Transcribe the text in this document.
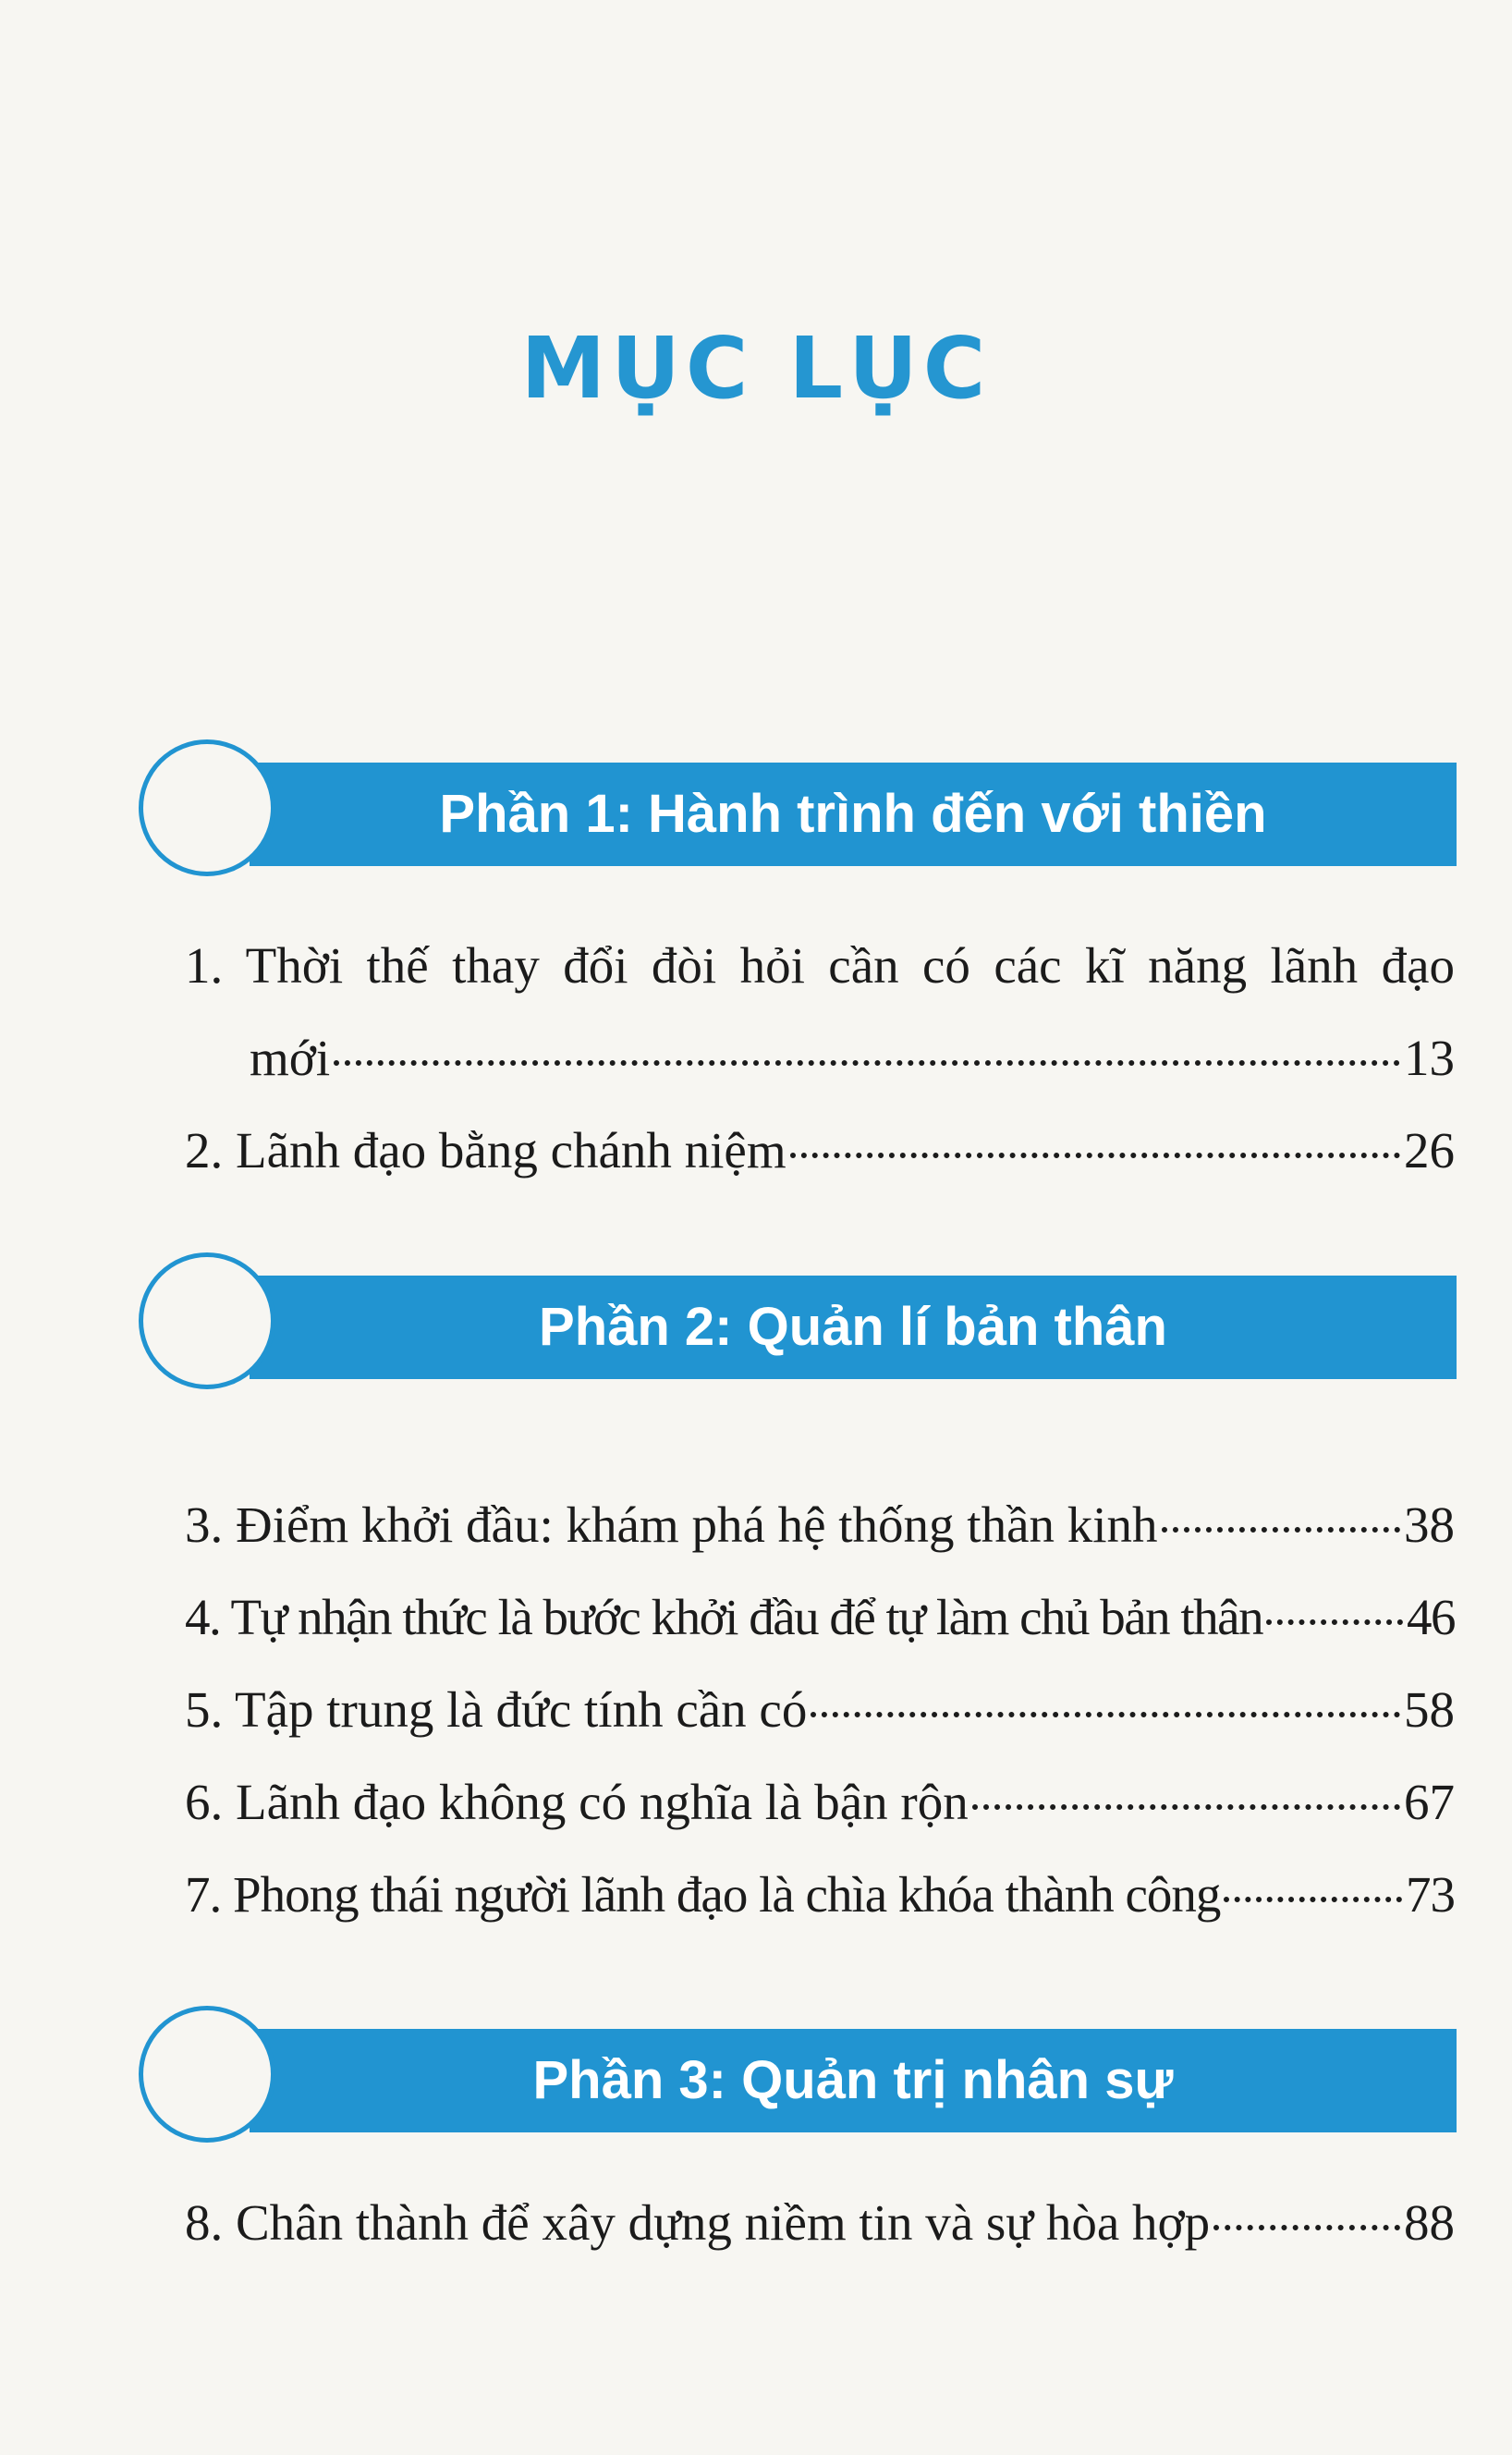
MỤC LỤC
Phần 1: Hành trình đến với thiền
1. Thời thế thay đổi đòi hỏi cần có các kĩ năng lãnh đạo
mới	13
2. Lãnh đạo bằng chánh niệm	26
Phần 2: Quản lí bản thân
3. Điểm khởi đầu: khám phá hệ thống thần kinh	38
4. Tự nhận thức là bước khởi đầu để tự làm chủ bản thân	46
5. Tập trung là đức tính cần có	58
6. Lãnh đạo không có nghĩa là bận rộn	67
7. Phong thái người lãnh đạo là chìa khóa thành công	73
Phần 3: Quản trị nhân sự
8. Chân thành để xây dựng niềm tin và sự hòa hợp	88
